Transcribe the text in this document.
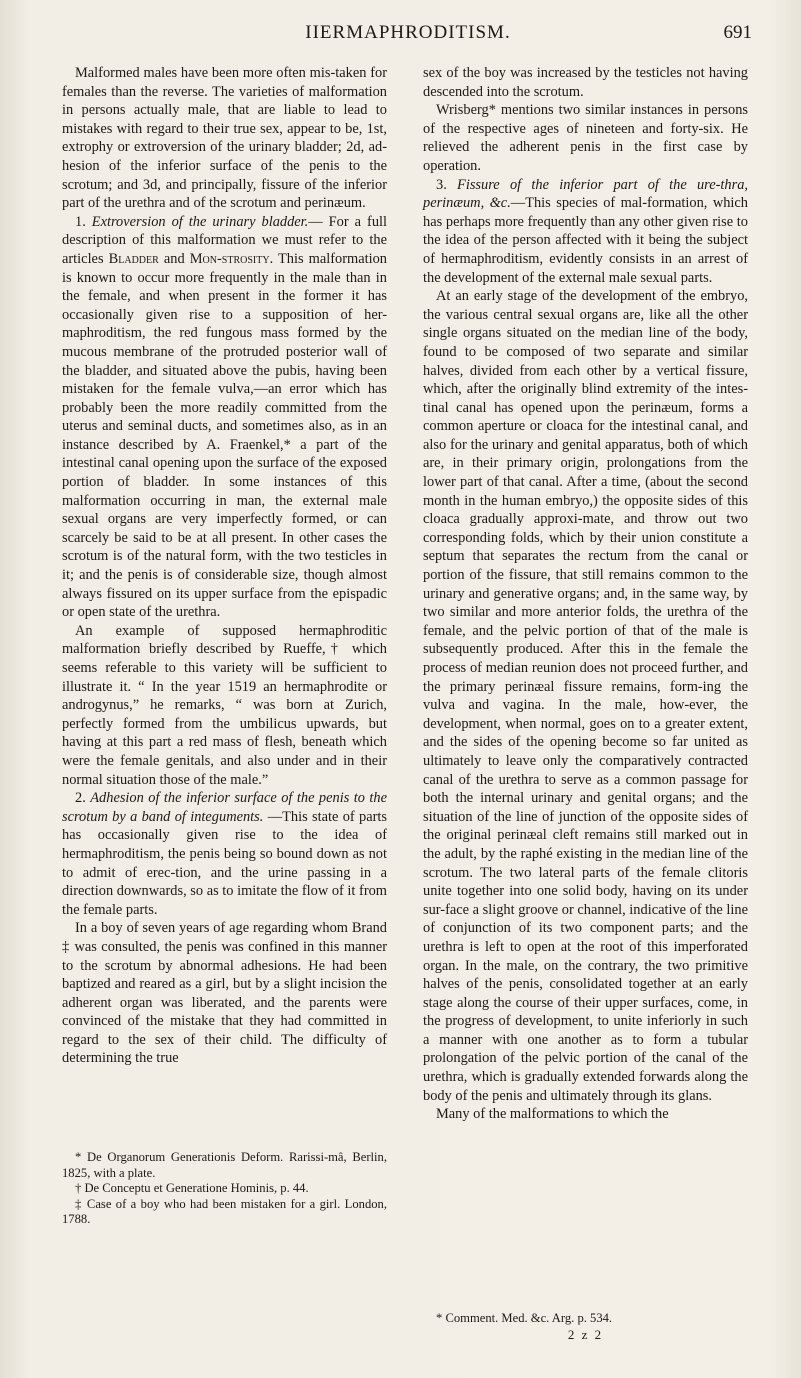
IIERMAPHRODITISM.	691

Malformed males have been more often mis-taken for females than the reverse. The varieties of malformation in persons actually male, that are liable to lead to mistakes with regard to their true sex, appear to be, 1st, extrophy or extroversion of the urinary bladder; 2d, ad-hesion of the inferior surface of the penis to the scrotum; and 3d, and principally, fissure of the inferior part of the urethra and of the scrotum and perinæum.

1. Extroversion of the urinary bladder.— For a full description of this malformation we must refer to the articles Bladder and Mon-strosity. This malformation is known to occur more frequently in the male than in the female, and when present in the former it has occasionally given rise to a supposition of her-maphroditism, the red fungous mass formed by the mucous membrane of the protruded posterior wall of the bladder, and situated above the pubis, having been mistaken for the female vulva,—an error which has probably been the more readily committed from the uterus and seminal ducts, and sometimes also, as in an instance described by A. Fraenkel,* a part of the intestinal canal opening upon the surface of the exposed portion of bladder. In some instances of this malformation occurring in man, the external male sexual organs are very imperfectly formed, or can scarcely be said to be at all present. In other cases the scrotum is of the natural form, with the two testicles in it; and the penis is of considerable size, though almost always fissured on its upper surface from the epispadic or open state of the urethra.

An example of supposed hermaphroditic malformation briefly described by Rueffe,† which seems referable to this variety will be sufficient to illustrate it. “ In the year 1519 an hermaphrodite or androgynus,” he remarks, “ was born at Zurich, perfectly formed from the umbilicus upwards, but having at this part a red mass of flesh, beneath which were the female genitals, and also under and in their normal situation those of the male.”

2. Adhesion of the inferior surface of the penis to the scrotum by a band of integuments. —This state of parts has occasionally given rise to the idea of hermaphroditism, the penis being so bound down as not to admit of erec-tion, and the urine passing in a direction downwards, so as to imitate the flow of it from the female parts.

In a boy of seven years of age regarding whom Brand ‡ was consulted, the penis was confined in this manner to the scrotum by abnormal adhesions. He had been baptized and reared as a girl, but by a slight incision the adherent organ was liberated, and the parents were convinced of the mistake that they had committed in regard to the sex of their child. The difficulty of determining the true

* De Organorum Generationis Deform. Rarissi-mâ, Berlin, 1825, with a plate.

† De Conceptu et Generatione Hominis, p. 44.

‡ Case of a boy who had been mistaken for a girl. London, 1788.

sex of the boy was increased by the testicles not having descended into the scrotum.

Wrisberg* mentions two similar instances in persons of the respective ages of nineteen and forty-six. He relieved the adherent penis in the first case by operation.

3. Fissure of the inferior part of the ure-thra, perinæum, &c.—This species of mal-formation, which has perhaps more frequently than any other given rise to the idea of the person affected with it being the subject of hermaphroditism, evidently consists in an arrest of the development of the external male sexual parts.

At an early stage of the development of the embryo, the various central sexual organs are, like all the other single organs situated on the median line of the body, found to be composed of two separate and similar halves, divided from each other by a vertical fissure, which, after the originally blind extremity of the intes-tinal canal has opened upon the perinæum, forms a common aperture or cloaca for the intestinal canal, and also for the urinary and genital apparatus, both of which are, in their primary origin, prolongations from the lower part of that canal. After a time, (about the second month in the human embryo,) the opposite sides of this cloaca gradually approxi-mate, and throw out two corresponding folds, which by their union constitute a septum that separates the rectum from the canal or portion of the fissure, that still remains common to the urinary and generative organs; and, in the same way, by two similar and more anterior folds, the urethra of the female, and the pelvic portion of that of the male is subsequently produced. After this in the female the process of median reunion does not proceed further, and the primary perinæal fissure remains, form-ing the vulva and vagina. In the male, how-ever, the development, when normal, goes on to a greater extent, and the sides of the opening become so far united as ultimately to leave only the comparatively contracted canal of the urethra to serve as a common passage for both the internal urinary and genital organs; and the situation of the line of junction of the opposite sides of the original perinæal cleft remains still marked out in the adult, by the raphé existing in the median line of the scrotum. The two lateral parts of the female clitoris unite together into one solid body, having on its under sur-face a slight groove or channel, indicative of the line of conjunction of its two component parts; and the urethra is left to open at the root of this imperforated organ. In the male, on the contrary, the two primitive halves of the penis, consolidated together at an early stage along the course of their upper surfaces, come, in the progress of development, to unite inferiorly in such a manner with one another as to form a tubular prolongation of the pelvic portion of the canal of the urethra, which is gradually extended forwards along the body of the penis and ultimately through its glans.

Many of the malformations to which the

* Comment. Med. &c. Arg. p. 534.

2 z 2
